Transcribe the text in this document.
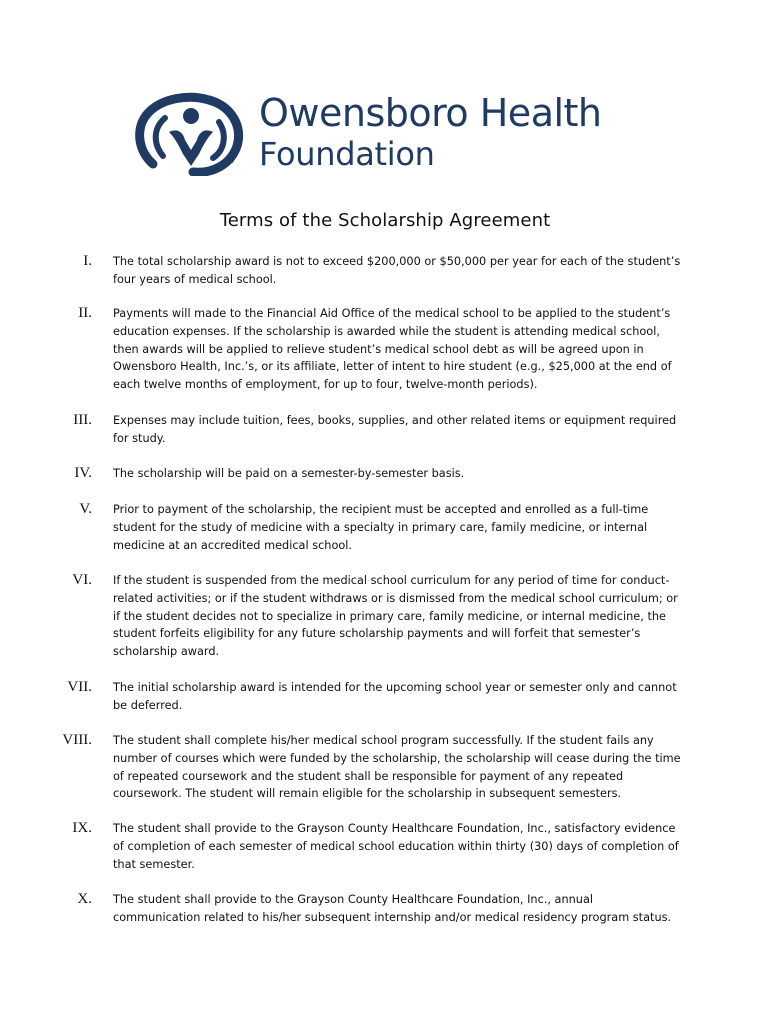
Owensboro Health
Foundation
®
Terms of the Scholarship Agreement
I. The total scholarship award is not to exceed $200,000 or $50,000 per year for each of the student’s four years of medical school.
II. Payments will made to the Financial Aid Office of the medical school to be applied to the student’s education expenses. If the scholarship is awarded while the student is attending medical school, then awards will be applied to relieve student’s medical school debt as will be agreed upon in Owensboro Health, Inc.’s, or its affiliate, letter of intent to hire student (e.g., $25,000 at the end of each twelve months of employment, for up to four, twelve-month periods).
III. Expenses may include tuition, fees, books, supplies, and other related items or equipment required for study.
IV. The scholarship will be paid on a semester-by-semester basis.
V. Prior to payment of the scholarship, the recipient must be accepted and enrolled as a full-time student for the study of medicine with a specialty in primary care, family medicine, or internal medicine at an accredited medical school.
VI. If the student is suspended from the medical school curriculum for any period of time for conduct-related activities; or if the student withdraws or is dismissed from the medical school curriculum; or if the student decides not to specialize in primary care, family medicine, or internal medicine, the student forfeits eligibility for any future scholarship payments and will forfeit that semester’s scholarship award.
VII. The initial scholarship award is intended for the upcoming school year or semester only and cannot be deferred.
VIII. The student shall complete his/her medical school program successfully. If the student fails any number of courses which were funded by the scholarship, the scholarship will cease during the time of repeated coursework and the student shall be responsible for payment of any repeated coursework. The student will remain eligible for the scholarship in subsequent semesters.
IX. The student shall provide to the Grayson County Healthcare Foundation, Inc., satisfactory evidence of completion of each semester of medical school education within thirty (30) days of completion of that semester.
X. The student shall provide to the Grayson County Healthcare Foundation, Inc., annual communication related to his/her subsequent internship and/or medical residency program status.
